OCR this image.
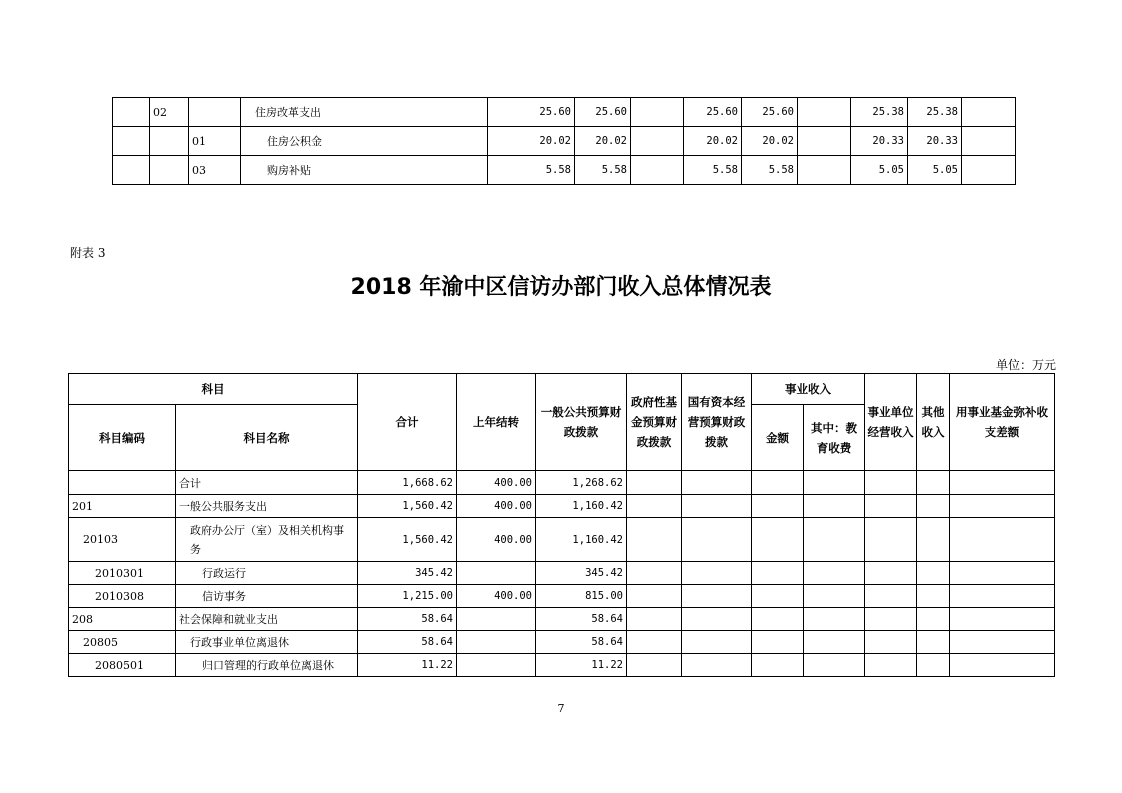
	02		住房改革支出	25.60	25.60		25.60	25.60		25.38	25.38	
		01	住房公积金	20.02	20.02		20.02	20.02		20.33	20.33	
		03	购房补贴	5.58	5.58		5.58	5.58		5.05	5.05	
附表 3
2018 年渝中区信访办部门收入总体情况表
单位：万元
科目		合计	上年结转	一般公共预算财政拨款	政府性基金预算财政拨款	国有资本经营预算财政拨款	事业收入		事业单位经营收入	其他收入	用事业基金弥补收支差额
科目编码	科目名称						金额	其中：教育收费			
	合计	1,668.62	400.00	1,268.62							
201	一般公共服务支出	1,560.42	400.00	1,160.42							
20103	政府办公厅（室）及相关机构事务	1,560.42	400.00	1,160.42							
2010301	行政运行	345.42		345.42							
2010308	信访事务	1,215.00	400.00	815.00							
208	社会保障和就业支出	58.64		58.64							
20805	行政事业单位离退休	58.64		58.64							
2080501	归口管理的行政单位离退休	11.22		11.22							
7
